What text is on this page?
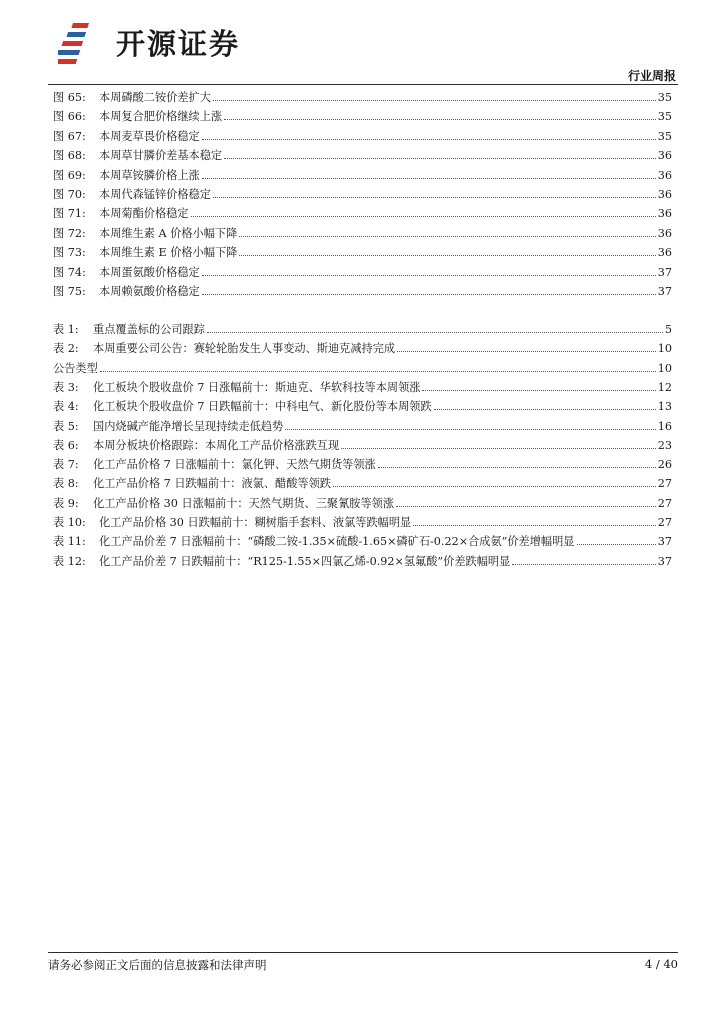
开源证券
行业周报
图 65:	本周磷酸二铵价差扩大	35
图 66:	本周复合肥价格继续上涨	35
图 67:	本周麦草畏价格稳定	35
图 68:	本周草甘膦价差基本稳定	36
图 69:	本周草铵膦价格上涨	36
图 70:	本周代森锰锌价格稳定	36
图 71:	本周菊酯价格稳定	36
图 72:	本周维生素 A 价格小幅下降	36
图 73:	本周维生素 E 价格小幅下降	36
图 74:	本周蛋氨酸价格稳定	37
图 75:	本周赖氨酸价格稳定	37
表 1:	重点覆盖标的公司跟踪	5
表 2:	本周重要公司公告：赛轮轮胎发生人事变动、斯迪克减持完成	10
公告类型	10
表 3:	化工板块个股收盘价 7 日涨幅前十：斯迪克、华软科技等本周领涨	12
表 4:	化工板块个股收盘价 7 日跌幅前十：中科电气、新化股份等本周领跌	13
表 5:	国内烧碱产能净增长呈现持续走低趋势	16
表 6:	本周分板块价格跟踪：本周化工产品价格涨跌互现	23
表 7:	化工产品价格 7 日涨幅前十：氯化钾、天然气期货等领涨	26
表 8:	化工产品价格 7 日跌幅前十：液氯、醋酸等领跌	27
表 9:	化工产品价格 30 日涨幅前十：天然气期货、三聚氰胺等领涨	27
表 10:	化工产品价格 30 日跌幅前十：糊树脂手套料、液氯等跌幅明显	27
表 11:	化工产品价差 7 日涨幅前十：“磷酸二铵-1.35×硫酸-1.65×磷矿石-0.22×合成氨”价差增幅明显	37
表 12:	化工产品价差 7 日跌幅前十：“R125-1.55×四氯乙烯-0.92×氢氟酸”价差跌幅明显	37
请务必参阅正文后面的信息披露和法律声明	4 / 40
